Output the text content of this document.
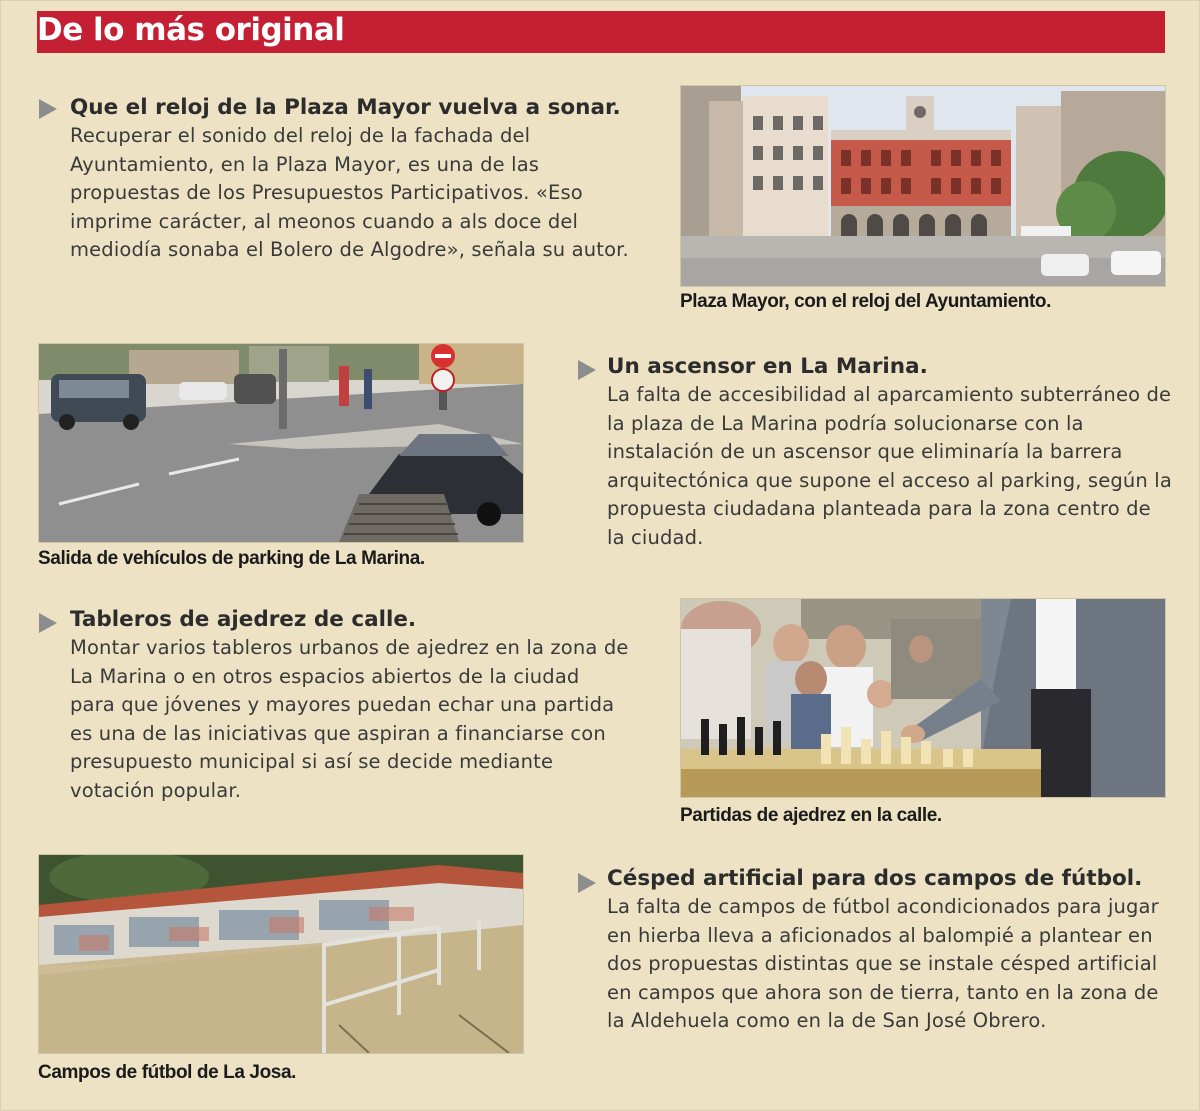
De lo más original
Que el reloj de la Plaza Mayor vuelva a sonar.
Recuperar el sonido del reloj de la fachada del Ayuntamiento, en la Plaza Mayor, es una de las propuestas de los Presupuestos Participativos. «Eso imprime carácter, al meonos cuando a als doce del mediodía sonaba el Bolero de Algodre», señala su autor.
Plaza Mayor, con el reloj del Ayuntamiento.
Salida de vehículos de parking de La Marina.
Un ascensor en La Marina.
La falta de accesibilidad al aparcamiento subterráneo de la plaza de La Marina podría solucionarse con la instalación de un ascensor que eliminaría la barrera arquitectónica que supone el acceso al parking, según la propuesta ciudadana planteada para la zona centro de la ciudad.
Tableros de ajedrez de calle.
Montar varios tableros urbanos de ajedrez en la zona de La Marina o en otros espacios abiertos de la ciudad para que jóvenes y mayores puedan echar una partida es una de las iniciativas que aspiran a financiarse con presupuesto municipal si así se decide mediante votación popular.
Partidas de ajedrez en la calle.
Campos de fútbol de La Josa.
Césped artificial para dos campos de fútbol.
La falta de campos de fútbol acondicionados para jugar en hierba lleva a aficionados al balompié a plantear en dos propuestas distintas que se instale césped artificial en campos que ahora son de tierra, tanto en la zona de la Aldehuela como en la de San José Obrero.
